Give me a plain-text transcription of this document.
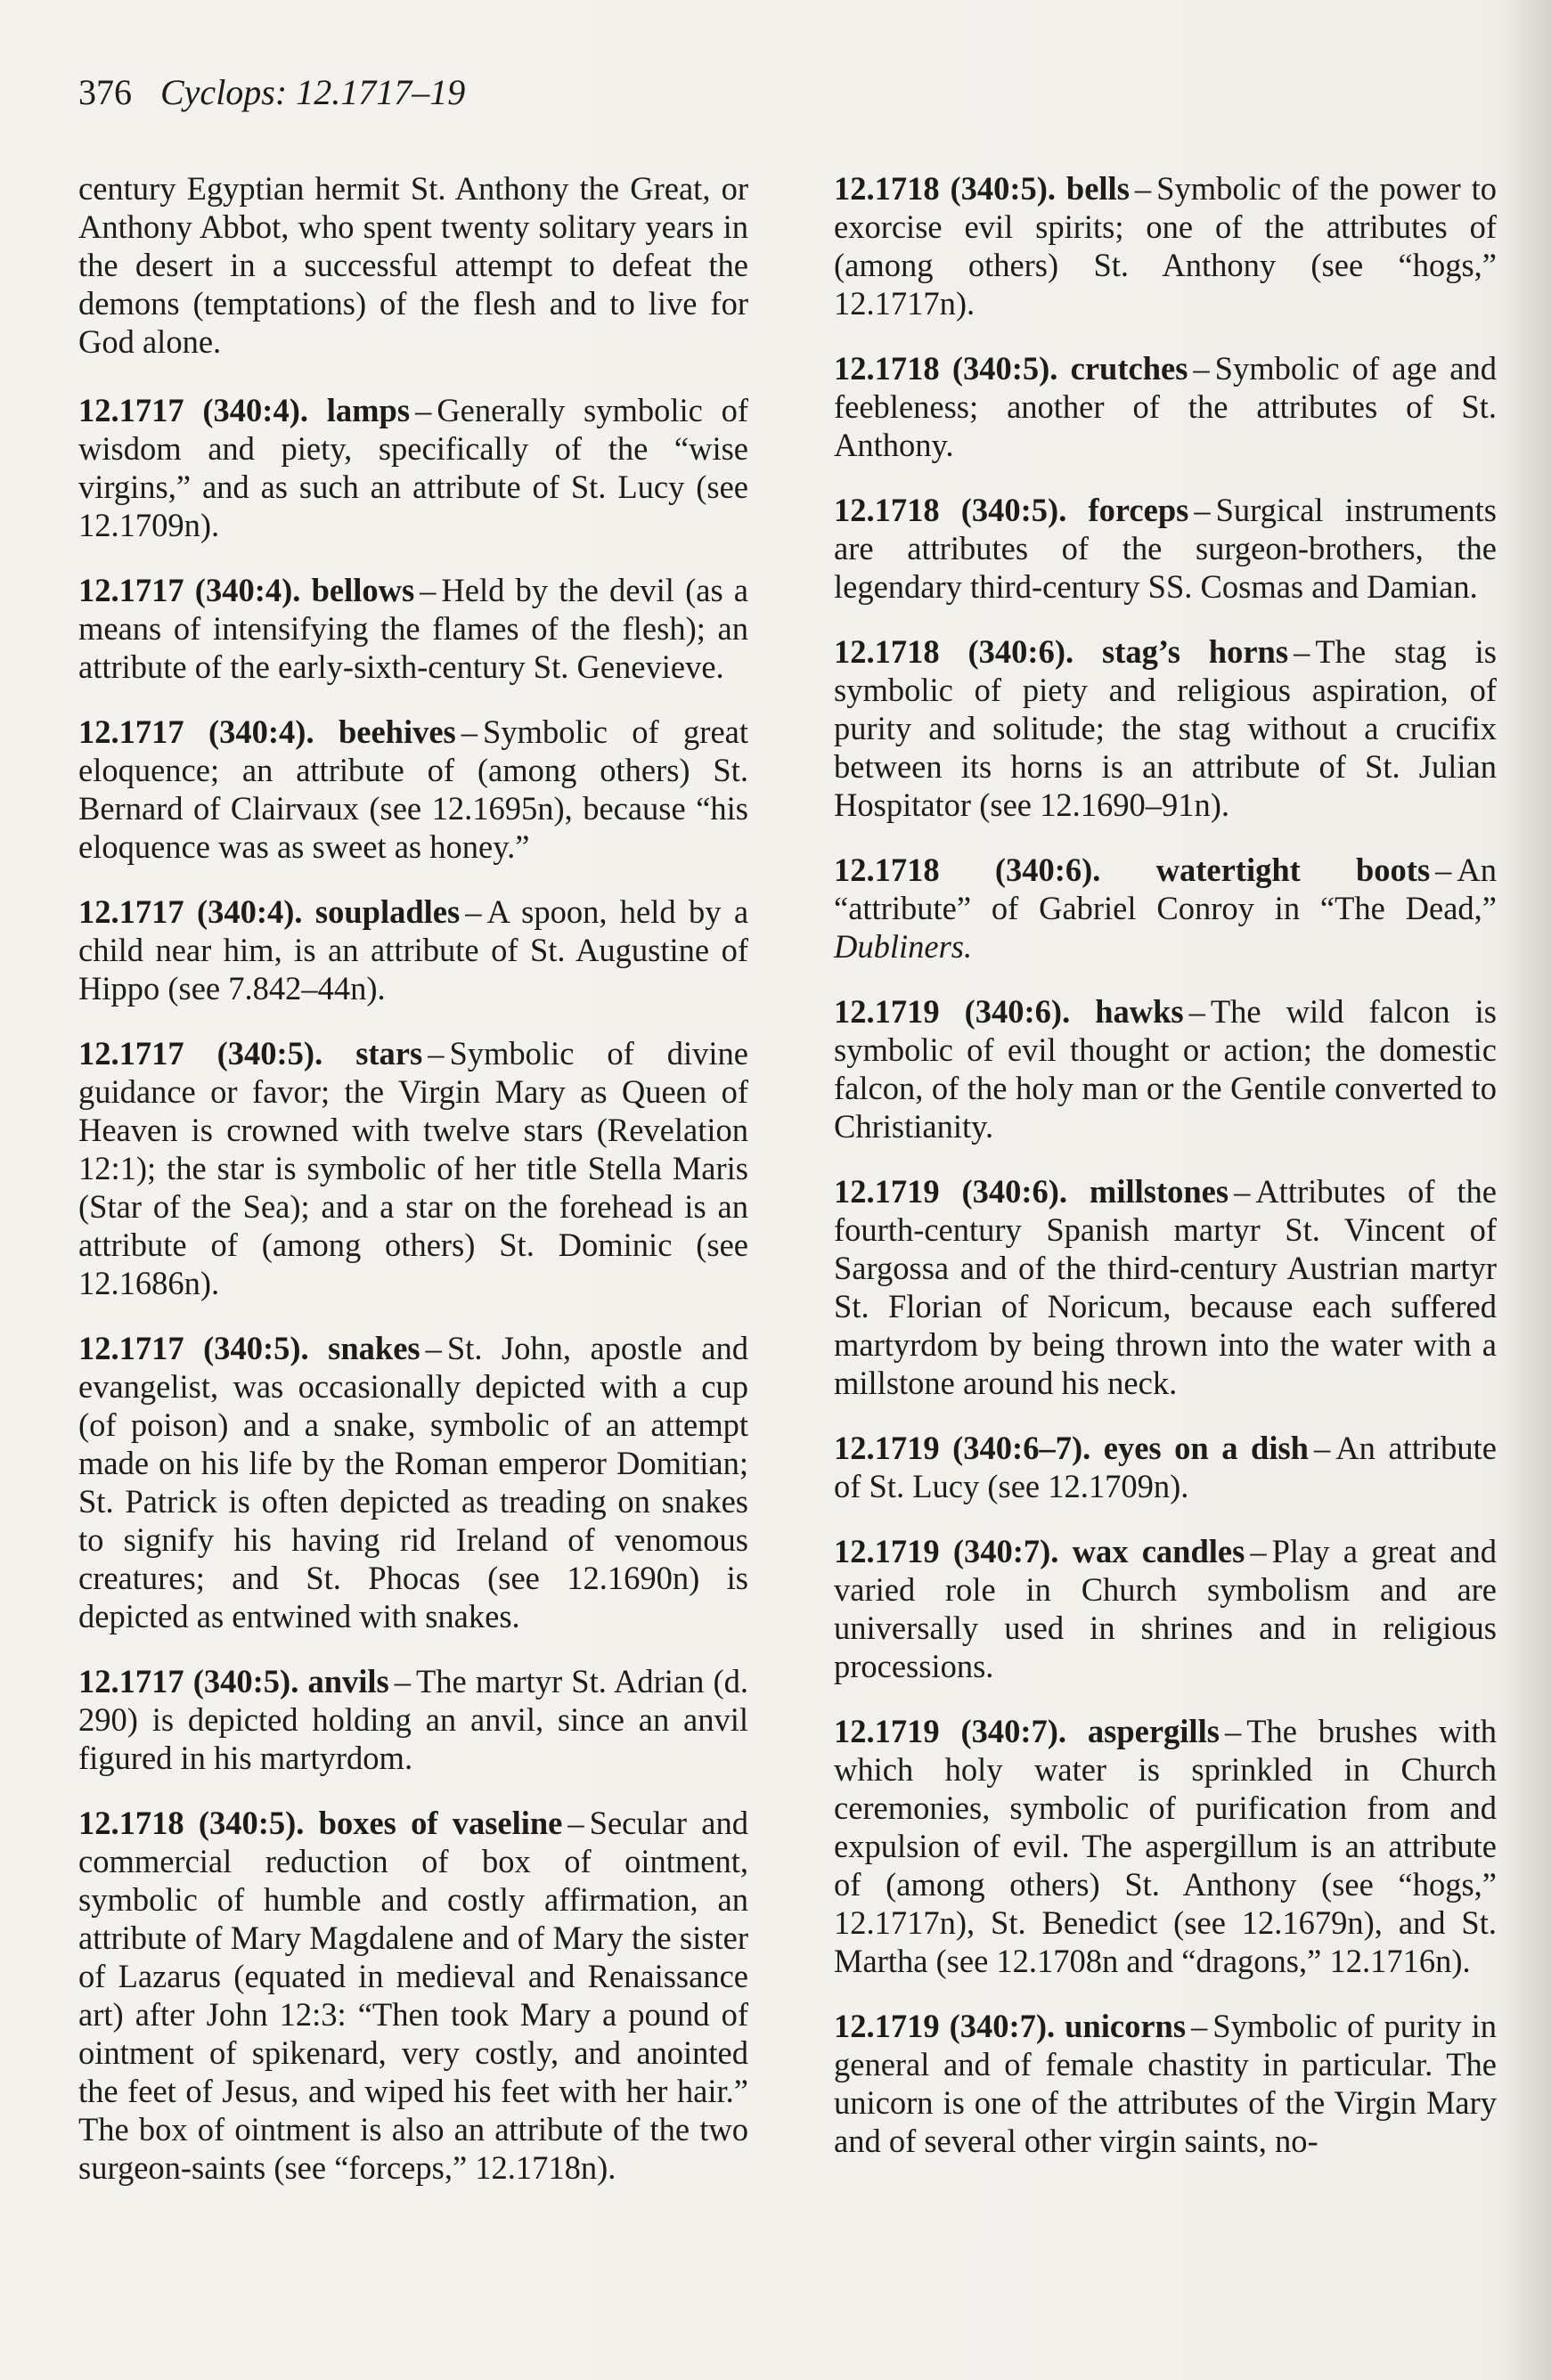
376 Cyclops: 12.1717–19

century Egyptian hermit St. Anthony the Great, or Anthony Abbot, who spent twenty solitary years in the desert in a successful attempt to defeat the demons (temptations) of the flesh and to live for God alone.

12.1717 (340:4). lamps – Generally symbolic of wisdom and piety, specifically of the “wise virgins,” and as such an attribute of St. Lucy (see 12.1709n).

12.1717 (340:4). bellows – Held by the devil (as a means of intensifying the flames of the flesh); an attribute of the early-sixth-century St. Genevieve.

12.1717 (340:4). beehives – Symbolic of great eloquence; an attribute of (among others) St. Bernard of Clairvaux (see 12.1695n), because “his eloquence was as sweet as honey.”

12.1717 (340:4). soupladles – A spoon, held by a child near him, is an attribute of St. Augustine of Hippo (see 7.842–44n).

12.1717 (340:5). stars – Symbolic of divine guidance or favor; the Virgin Mary as Queen of Heaven is crowned with twelve stars (Revelation 12:1); the star is symbolic of her title Stella Maris (Star of the Sea); and a star on the forehead is an attribute of (among others) St. Dominic (see 12.1686n).

12.1717 (340:5). snakes – St. John, apostle and evangelist, was occasionally depicted with a cup (of poison) and a snake, symbolic of an attempt made on his life by the Roman emperor Domitian; St. Patrick is often depicted as treading on snakes to signify his having rid Ireland of venomous creatures; and St. Phocas (see 12.1690n) is depicted as entwined with snakes.

12.1717 (340:5). anvils – The martyr St. Adrian (d. 290) is depicted holding an anvil, since an anvil figured in his martyrdom.

12.1718 (340:5). boxes of vaseline – Secular and commercial reduction of box of ointment, symbolic of humble and costly affirmation, an attribute of Mary Magdalene and of Mary the sister of Lazarus (equated in medieval and Renaissance art) after John 12:3: “Then took Mary a pound of ointment of spikenard, very costly, and anointed the feet of Jesus, and wiped his feet with her hair.” The box of ointment is also an attribute of the two surgeon-saints (see “forceps,” 12.1718n).

12.1718 (340:5). bells – Symbolic of the power to exorcise evil spirits; one of the attributes of (among others) St. Anthony (see “hogs,” 12.1717n).

12.1718 (340:5). crutches – Symbolic of age and feebleness; another of the attributes of St. Anthony.

12.1718 (340:5). forceps – Surgical instruments are attributes of the surgeon-brothers, the legendary third-century SS. Cosmas and Damian.

12.1718 (340:6). stag’s horns – The stag is symbolic of piety and religious aspiration, of purity and solitude; the stag without a crucifix between its horns is an attribute of St. Julian Hospitator (see 12.1690–91n).

12.1718 (340:6). watertight boots – An “attribute” of Gabriel Conroy in “The Dead,” Dubliners.

12.1719 (340:6). hawks – The wild falcon is symbolic of evil thought or action; the domestic falcon, of the holy man or the Gentile converted to Christianity.

12.1719 (340:6). millstones – Attributes of the fourth-century Spanish martyr St. Vincent of Sargossa and of the third-century Austrian martyr St. Florian of Noricum, because each suffered martyrdom by being thrown into the water with a millstone around his neck.

12.1719 (340:6–7). eyes on a dish – An attribute of St. Lucy (see 12.1709n).

12.1719 (340:7). wax candles – Play a great and varied role in Church symbolism and are universally used in shrines and in religious processions.

12.1719 (340:7). aspergills – The brushes with which holy water is sprinkled in Church ceremonies, symbolic of purification from and expulsion of evil. The aspergillum is an attribute of (among others) St. Anthony (see “hogs,” 12.1717n), St. Benedict (see 12.1679n), and St. Martha (see 12.1708n and “dragons,” 12.1716n).

12.1719 (340:7). unicorns – Symbolic of purity in general and of female chastity in particular. The unicorn is one of the attributes of the Virgin Mary and of several other virgin saints, no-
